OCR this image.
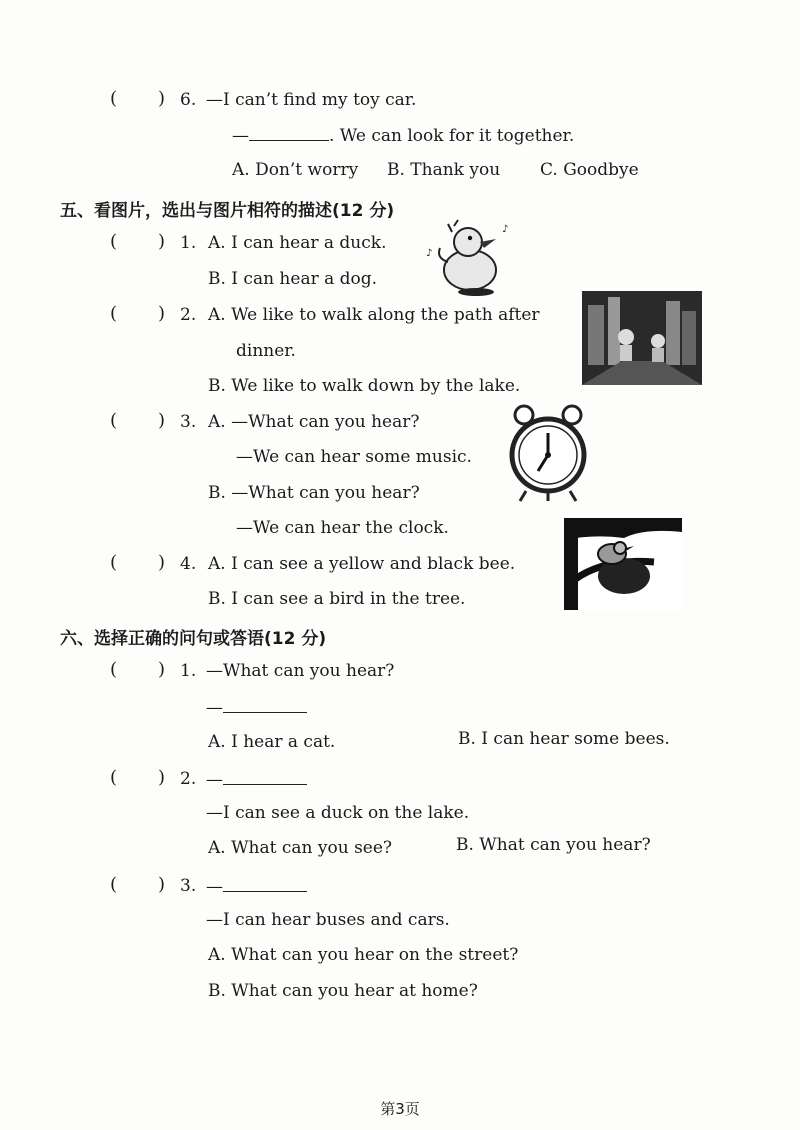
( ) 6. —I can’t find my toy car.
—	. We can look for it together.
A. Don’t worry B. Thank you C. Goodbye
五、看图片，选出与图片相符的描述(12 分)
( ) 1. A. I can hear a duck.
B. I can hear a dog.
♪
♪
( ) 2. A. We like to walk along the path after
dinner.
B. We like to walk down by the lake.
( ) 3. A. —What can you hear?
—We can hear some music.
B. —What can you hear?
—We can hear the clock.
( ) 4. A. I can see a yellow and black bee.
B. I can see a bird in the tree.
六、选择正确的问句或答语(12 分)
( ) 1. —What can you hear?
—
A. I hear a cat.	B. I can hear some bees.
( ) 2. —
—I can see a duck on the lake.
A. What can you see?	B. What can you hear?
( ) 3. —
—I can hear buses and cars.
A. What can you hear on the street?
B. What can you hear at home?
第3页
